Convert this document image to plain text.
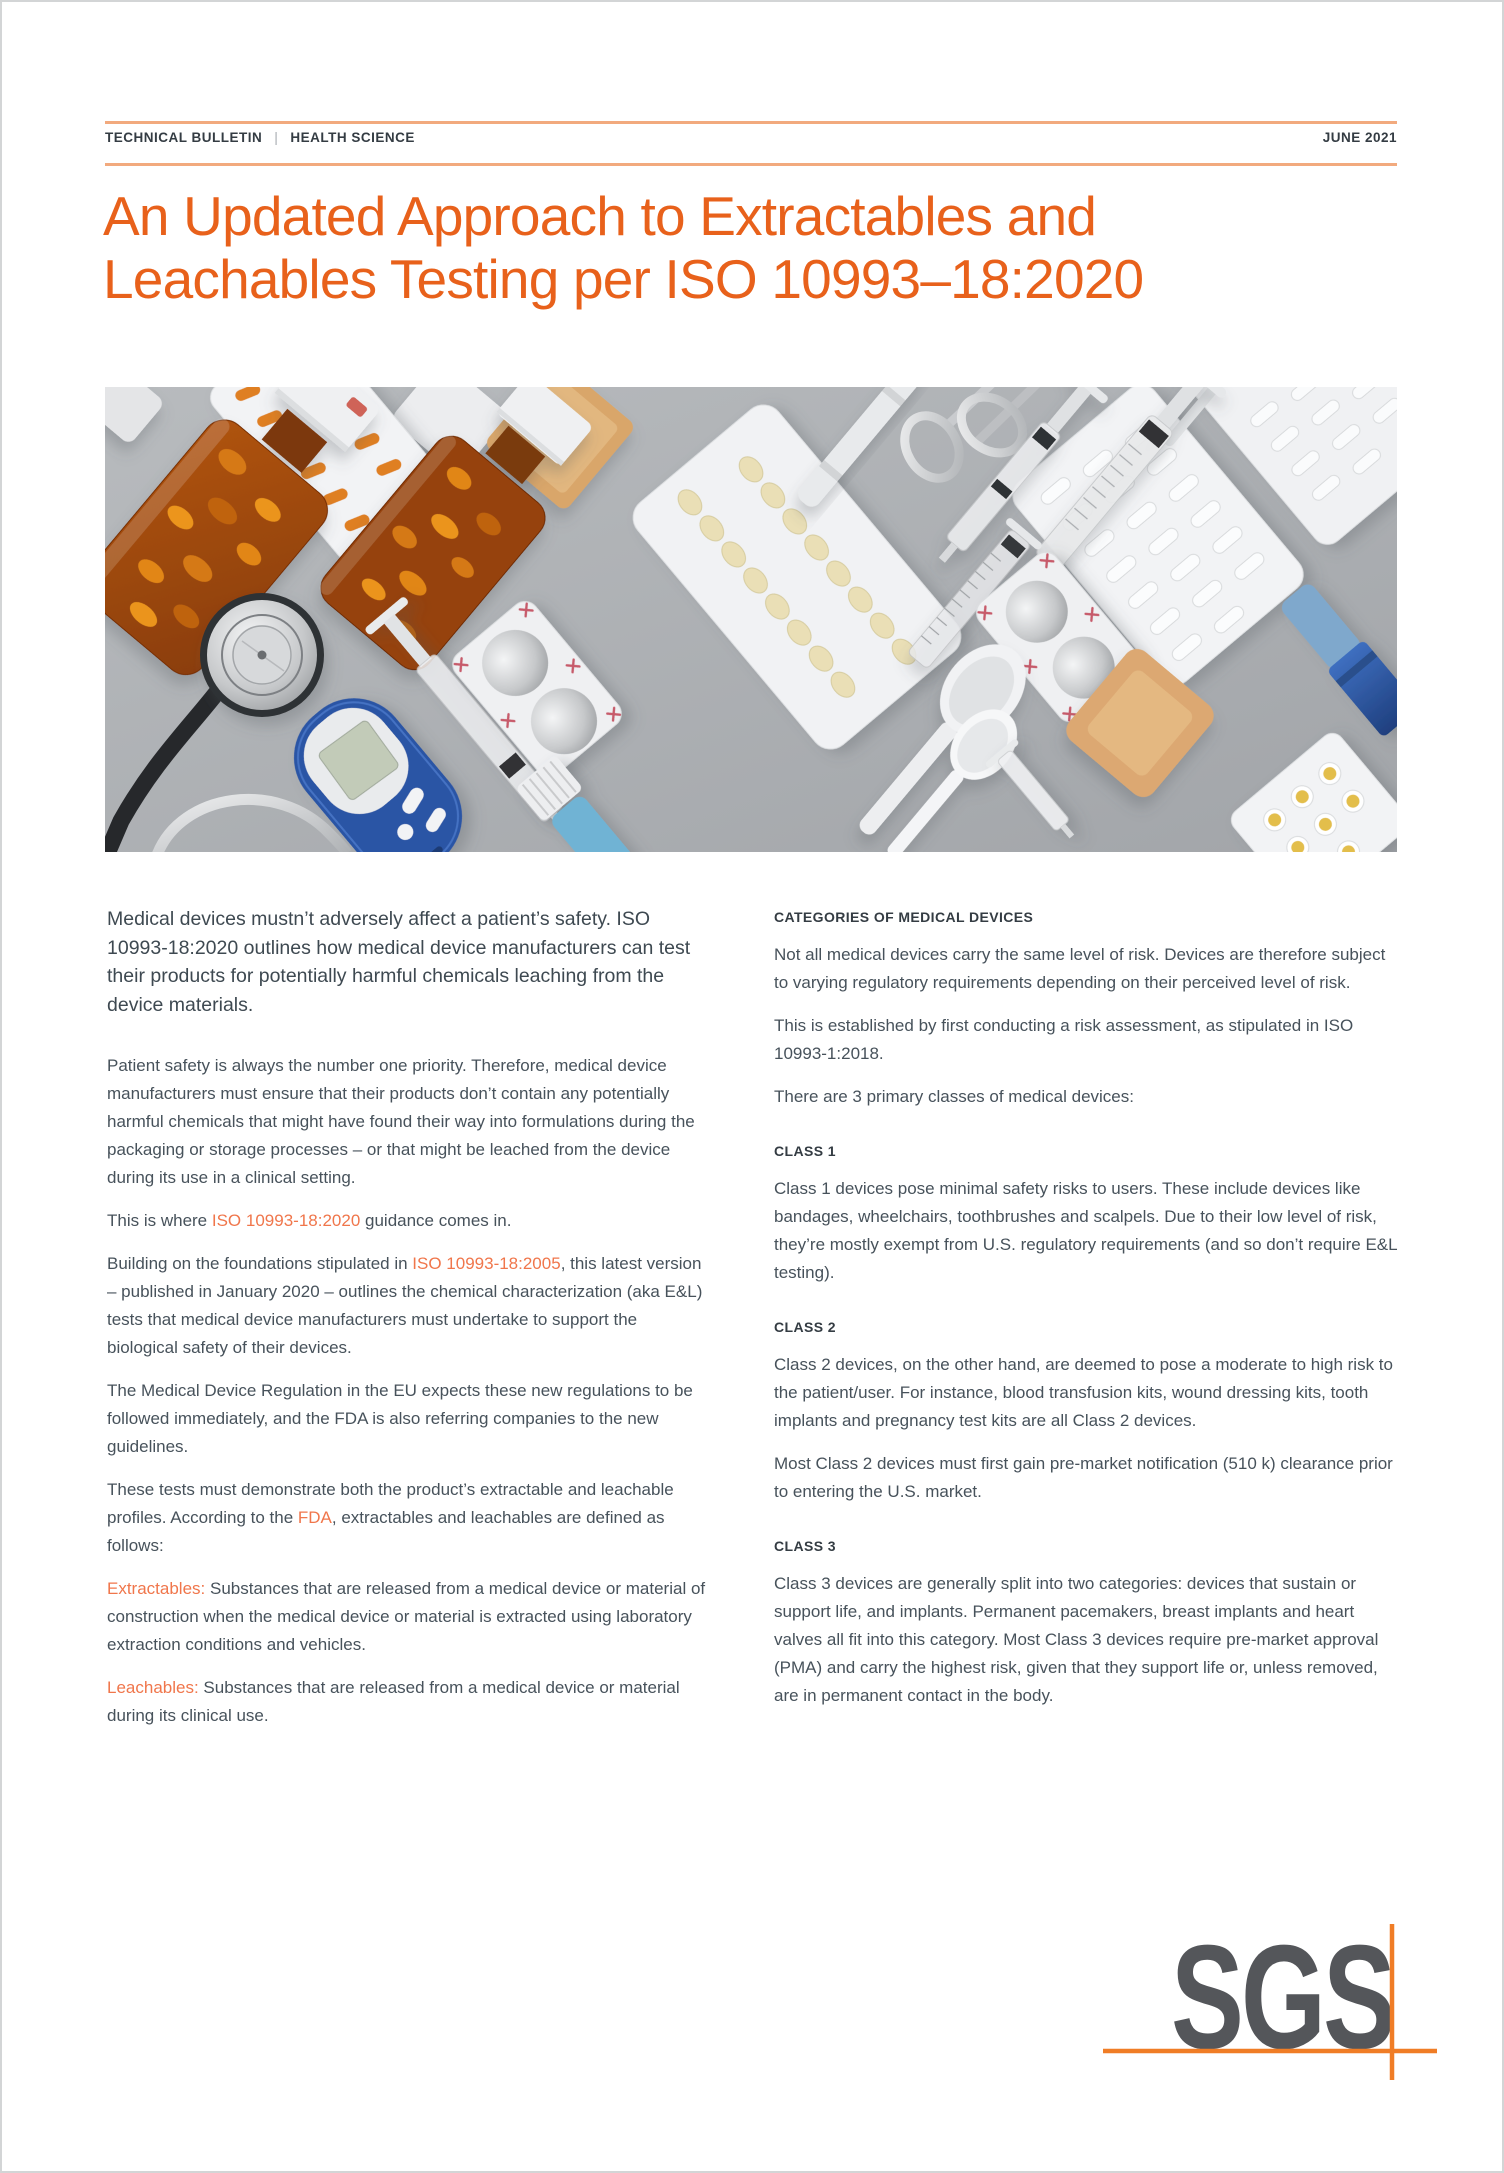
TECHNICAL BULLETIN | HEALTH SCIENCE	JUNE 2021
An Updated Approach to Extractables and
Leachables Testing per ISO 10993–18:2020

Medical devices mustn’t adversely affect a patient’s safety. ISO 10993-18:2020 outlines how medical device manufacturers can test their products for potentially harmful chemicals leaching from the device materials.

Patient safety is always the number one priority. Therefore, medical device manufacturers must ensure that their products don’t contain any potentially harmful chemicals that might have found their way into formulations during the packaging or storage processes – or that might be leached from the device during its use in a clinical setting.

This is where ISO 10993-18:2020 guidance comes in.

Building on the foundations stipulated in ISO 10993-18:2005, this latest version – published in January 2020 – outlines the chemical characterization (aka E&L) tests that medical device manufacturers must undertake to support the biological safety of their devices.

The Medical Device Regulation in the EU expects these new regulations to be followed immediately, and the FDA is also referring companies to the new guidelines.

These tests must demonstrate both the product’s extractable and leachable profiles. According to the FDA, extractables and leachables are defined as follows:

Extractables: Substances that are released from a medical device or material of construction when the medical device or material is extracted using laboratory extraction conditions and vehicles.

Leachables: Substances that are released from a medical device or material during its clinical use.

CATEGORIES OF MEDICAL DEVICES

Not all medical devices carry the same level of risk. Devices are therefore subject to varying regulatory requirements depending on their perceived level of risk.

This is established by first conducting a risk assessment, as stipulated in ISO 10993-1:2018.

There are 3 primary classes of medical devices:

CLASS 1

Class 1 devices pose minimal safety risks to users. These include devices like bandages, wheelchairs, toothbrushes and scalpels. Due to their low level of risk, they’re mostly exempt from U.S. regulatory requirements (and so don’t require E&L testing).

CLASS 2

Class 2 devices, on the other hand, are deemed to pose a moderate to high risk to the patient/user. For instance, blood transfusion kits, wound dressing kits, tooth implants and pregnancy test kits are all Class 2 devices.

Most Class 2 devices must first gain pre-market notification (510 k) clearance prior to entering the U.S. market.

CLASS 3

Class 3 devices are generally split into two categories: devices that sustain or support life, and implants. Permanent pacemakers, breast implants and heart valves all fit into this category. Most Class 3 devices require pre-market approval (PMA) and carry the highest risk, given that they support life or, unless removed, are in permanent contact in the body.

SGS
